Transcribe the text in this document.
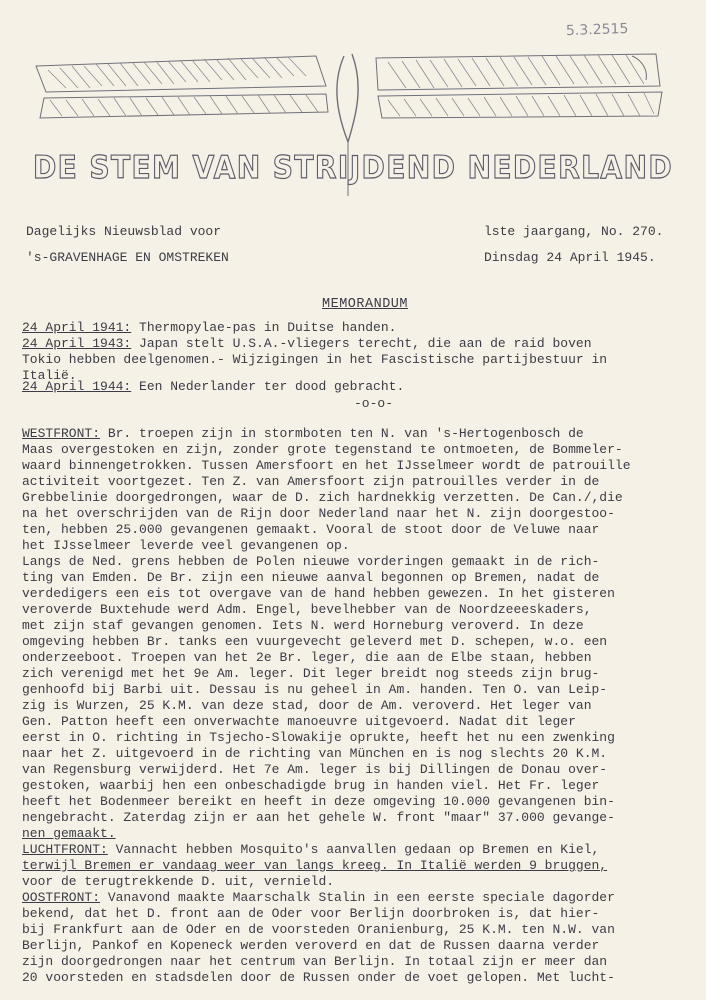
5.3.2515
DE STEM VAN STRIJDEND NEDERLAND
Dagelijks Nieuwsblad voor
's-GRAVENHAGE EN OMSTREKEN
lste jaargang, No. 270.
Dinsdag 24 April 1945.
MEMORANDUM
24 April 1941: Thermopylae-pas in Duitse handen.
24 April 1943: Japan stelt U.S.A.-vliegers terecht, die aan de raid boven
Tokio hebben deelgenomen.- Wijzigingen in het Fascistische partijbestuur in
Italië.
24 April 1944: Een Nederlander ter dood gebracht.
-o-o-
WESTFRONT: Br. troepen zijn in stormboten ten N. van 's-Hertogenbosch de
Maas overgestoken en zijn, zonder grote tegenstand te ontmoeten, de Bommeler-
waard binnengetrokken. Tussen Amersfoort en het IJsselmeer wordt de patrouille
activiteit voortgezet. Ten Z. van Amersfoort zijn patrouilles verder in de
Grebbelinie doorgedrongen, waar de D. zich hardnekkig verzetten. De Can./,die
na het overschrijden van de Rijn door Nederland naar het N. zijn doorgestoo-
ten, hebben 25.000 gevangenen gemaakt. Vooral de stoot door de Veluwe naar
het IJsselmeer leverde veel gevangenen op.
Langs de Ned. grens hebben de Polen nieuwe vorderingen gemaakt in de rich-
ting van Emden. De Br. zijn een nieuwe aanval begonnen op Bremen, nadat de
verdedigers een eis tot overgave van de hand hebben gewezen. In het gisteren
veroverde Buxtehude werd Adm. Engel, bevelhebber van de Noordzeeeskaders,
met zijn staf gevangen genomen. Iets N. werd Horneburg veroverd. In deze
omgeving hebben Br. tanks een vuurgevecht geleverd met D. schepen, w.o. een
onderzeeboot. Troepen van het 2e Br. leger, die aan de Elbe staan, hebben
zich verenigd met het 9e Am. leger. Dit leger breidt nog steeds zijn brug-
genhoofd bij Barbi uit. Dessau is nu geheel in Am. handen. Ten O. van Leip-
zig is Wurzen, 25 K.M. van deze stad, door de Am. veroverd. Het leger van
Gen. Patton heeft een onverwachte manoeuvre uitgevoerd. Nadat dit leger
eerst in O. richting in Tsjecho-Slowakije oprukte, heeft het nu een zwenking
naar het Z. uitgevoerd in de richting van München en is nog slechts 20 K.M.
van Regensburg verwijderd. Het 7e Am. leger is bij Dillingen de Donau over-
gestoken, waarbij hen een onbeschadigde brug in handen viel. Het Fr. leger
heeft het Bodenmeer bereikt en heeft in deze omgeving 10.000 gevangenen bin-
nengebracht. Zaterdag zijn er aan het gehele W. front "maar" 37.000 gevange-
nen gemaakt.
LUCHTFRONT: Vannacht hebben Mosquito's aanvallen gedaan op Bremen en Kiel,
terwijl Bremen er vandaag weer van langs kreeg. In Italië werden 9 bruggen,
voor de terugtrekkende D. uit, vernield.
OOSTFRONT: Vanavond maakte Maarschalk Stalin in een eerste speciale dagorder
bekend, dat het D. front aan de Oder voor Berlijn doorbroken is, dat hier-
bij Frankfurt aan de Oder en de voorsteden Oranienburg, 25 K.M. ten N.W. van
Berlijn, Pankof en Kopeneck werden veroverd en dat de Russen daarna verder
zijn doorgedrongen naar het centrum van Berlijn. In totaal zijn er meer dan
20 voorsteden en stadsdelen door de Russen onder de voet gelopen. Met lucht-
